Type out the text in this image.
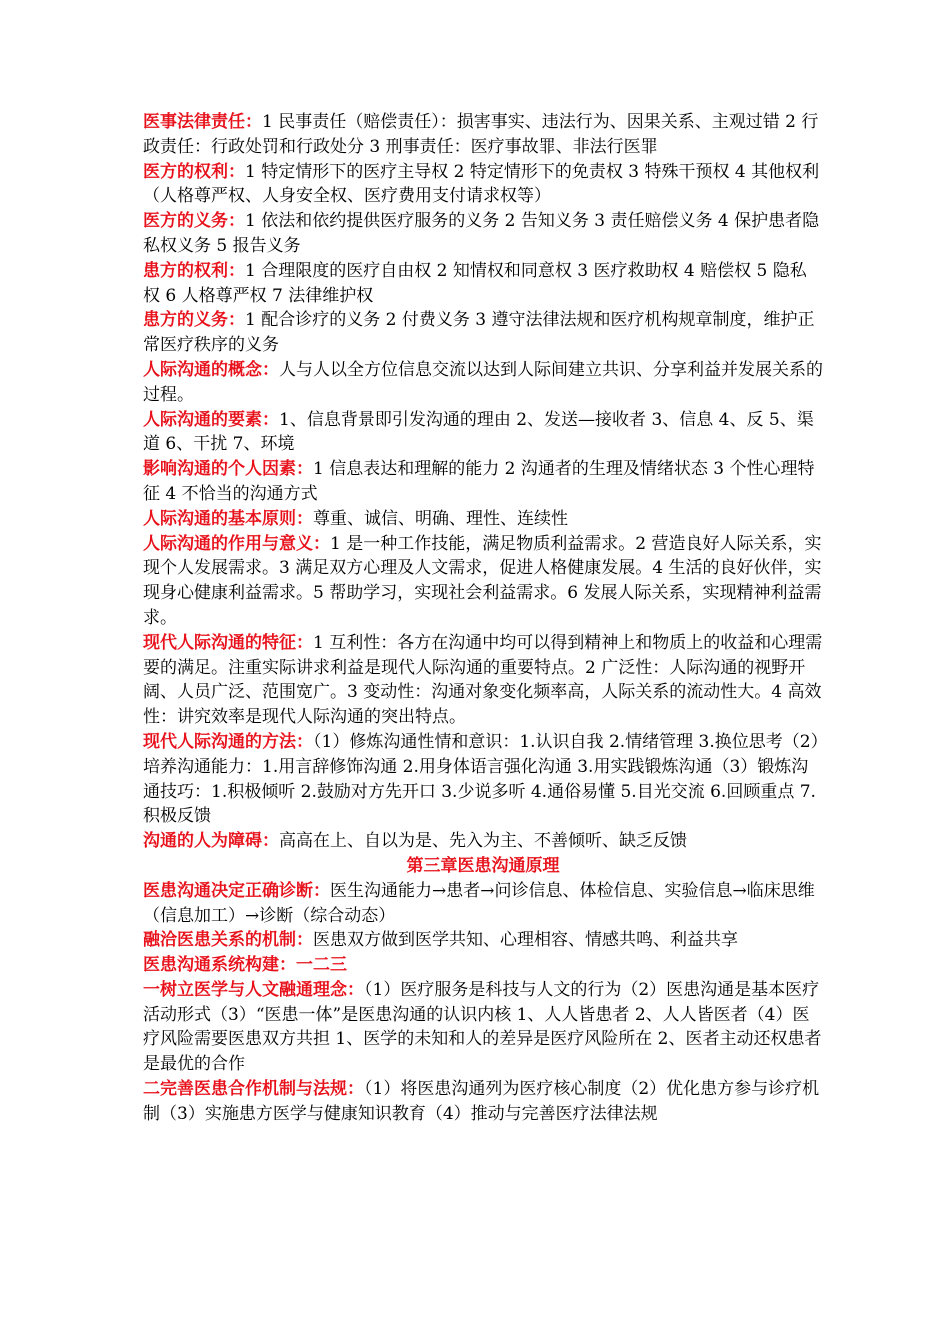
医事法律责任：1 民事责任（赔偿责任）：损害事实、违法行为、因果关系、主观过错 2 行政责任：行政处罚和行政处分 3 刑事责任：医疗事故罪、非法行医罪

医方的权利：1 特定情形下的医疗主导权 2 特定情形下的免责权 3 特殊干预权 4 其他权利（人格尊严权、人身安全权、医疗费用支付请求权等）

医方的义务：1 依法和依约提供医疗服务的义务 2 告知义务 3 责任赔偿义务 4 保护患者隐私权义务 5 报告义务

患方的权利：1 合理限度的医疗自由权 2 知情权和同意权 3 医疗救助权 4 赔偿权 5 隐私权 6 人格尊严权 7 法律维护权

患方的义务：1 配合诊疗的义务 2 付费义务 3 遵守法律法规和医疗机构规章制度，维护正常医疗秩序的义务

人际沟通的概念：人与人以全方位信息交流以达到人际间建立共识、分享利益并发展关系的过程。

人际沟通的要素：1、信息背景即引发沟通的理由 2、发送—接收者 3、信息 4、反 5、渠道 6、干扰 7、环境

影响沟通的个人因素：1 信息表达和理解的能力 2 沟通者的生理及情绪状态 3 个性心理特征 4 不恰当的沟通方式

人际沟通的基本原则：尊重、诚信、明确、理性、连续性

人际沟通的作用与意义：1 是一种工作技能，满足物质利益需求。2 营造良好人际关系，实现个人发展需求。3 满足双方心理及人文需求，促进人格健康发展。4 生活的良好伙伴，实现身心健康利益需求。5 帮助学习，实现社会利益需求。6 发展人际关系，实现精神利益需求。

现代人际沟通的特征：1 互利性：各方在沟通中均可以得到精神上和物质上的收益和心理需要的满足。注重实际讲求利益是现代人际沟通的重要特点。2 广泛性：人际沟通的视野开阔、人员广泛、范围宽广。3 变动性：沟通对象变化频率高，人际关系的流动性大。4 高效性：讲究效率是现代人际沟通的突出特点。

现代人际沟通的方法：（1）修炼沟通性情和意识：1.认识自我 2.情绪管理 3.换位思考（2）培养沟通能力：1.用言辞修饰沟通 2.用身体语言强化沟通 3.用实践锻炼沟通（3）锻炼沟通技巧：1.积极倾听 2.鼓励对方先开口 3.少说多听 4.通俗易懂 5.目光交流 6.回顾重点 7.积极反馈

沟通的人为障碍：高高在上、自以为是、先入为主、不善倾听、缺乏反馈

第三章医患沟通原理

医患沟通决定正确诊断：医生沟通能力→患者→问诊信息、体检信息、实验信息→临床思维（信息加工）→诊断（综合动态）

融洽医患关系的机制：医患双方做到医学共知、心理相容、情感共鸣、利益共享

医患沟通系统构建：一二三

一树立医学与人文融通理念：（1）医疗服务是科技与人文的行为（2）医患沟通是基本医疗活动形式（3）“医患一体”是医患沟通的认识内核 1、人人皆患者 2、人人皆医者（4）医疗风险需要医患双方共担 1、医学的未知和人的差异是医疗风险所在 2、医者主动还权患者是最优的合作

二完善医患合作机制与法规：（1）将医患沟通列为医疗核心制度（2）优化患方参与诊疗机制（3）实施患方医学与健康知识教育（4）推动与完善医疗法律法规
